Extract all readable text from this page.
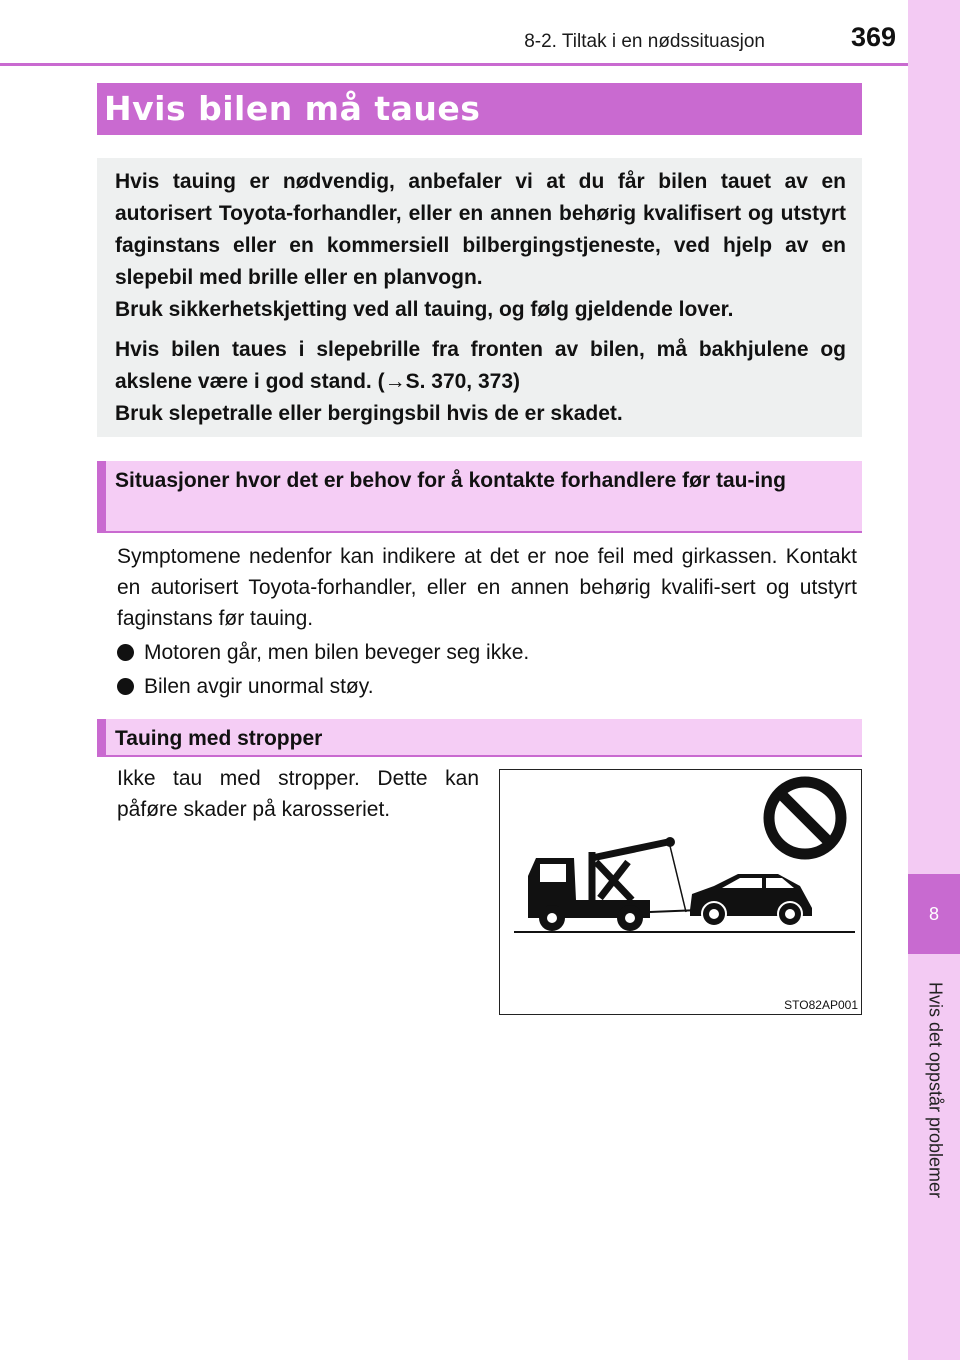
8-2. Tiltak i en nødssituasjon	369
8
Hvis det oppstår problemer
Hvis bilen må taues

Hvis tauing er nødvendig, anbefaler vi at du får bilen tauet av en autorisert Toyota-forhandler, eller en annen behørig kvalifisert og utstyrt faginstans eller en kommersiell bilbergingstjeneste, ved hjelp av en slepebil med brille eller en planvogn.

Bruk sikkerhetskjetting ved all tauing, og følg gjeldende lover.

Hvis bilen taues i slepebrille fra fronten av bilen, må bakhjulene og akslene være i god stand. (→S. 370, 373)

Bruk slepetralle eller bergingsbil hvis de er skadet.

Situasjoner hvor det er behov for å kontakte forhandlere før tau-ing

Symptomene nedenfor kan indikere at det er noe feil med girkassen. Kontakt en autorisert Toyota-forhandler, eller en annen behørig kvalifi-sert og utstyrt faginstans før tauing.

Motoren går, men bilen beveger seg ikke.
Bilen avgir unormal støy.
Tauing med stropper

Ikke tau med stropper. Dette kan påføre skader på karosseriet.

STO82AP001
